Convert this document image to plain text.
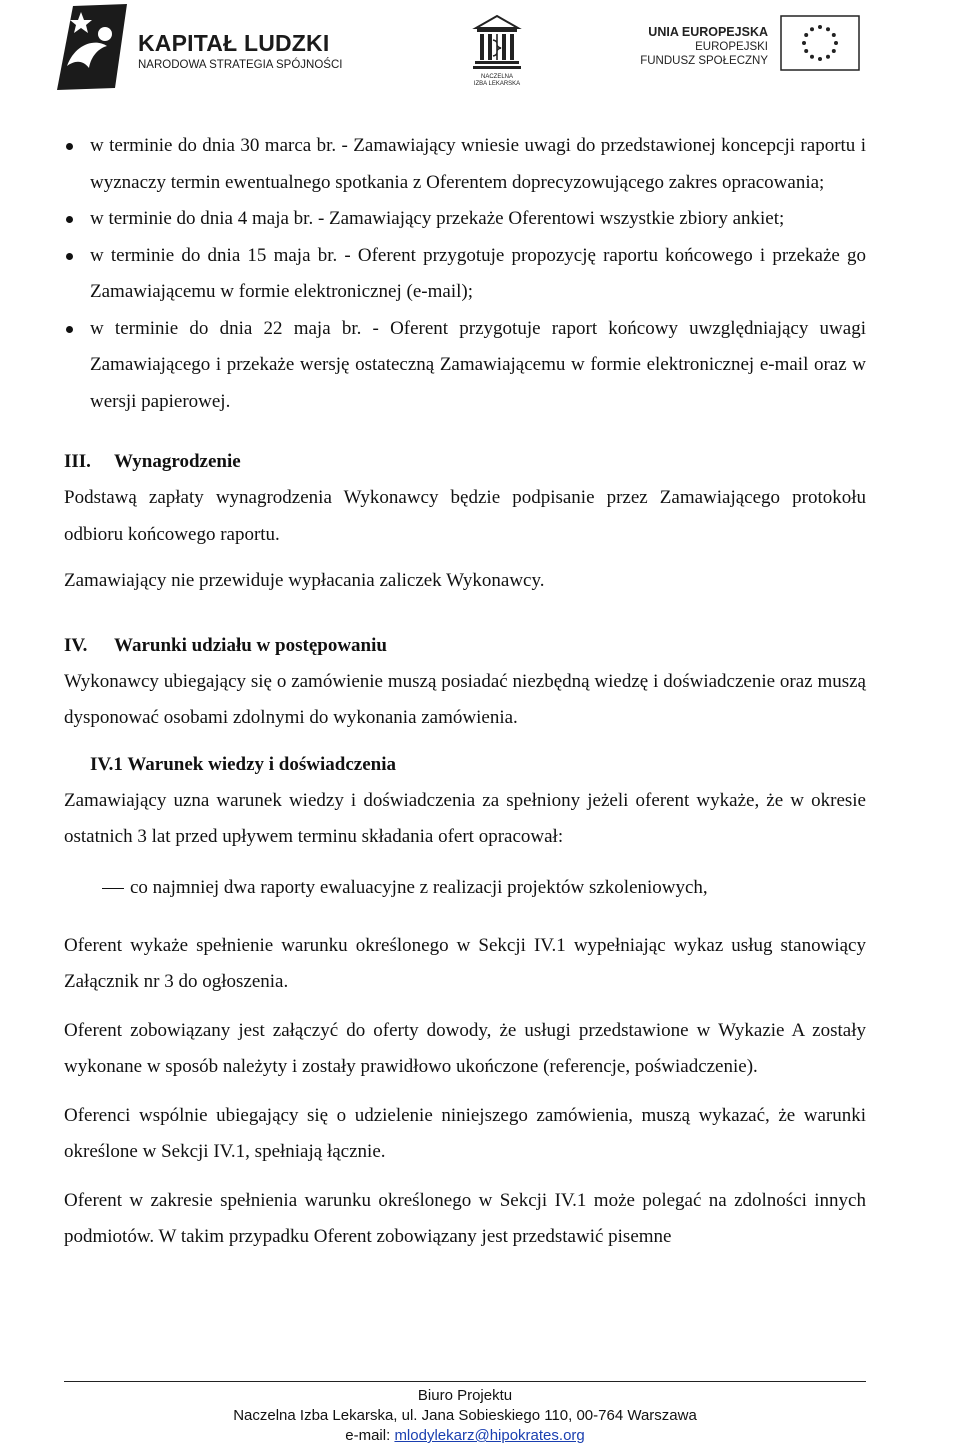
KAPITAŁ LUDZKI
NARODOWA STRATEGIA SPÓJNOŚCI
NACZELNA
IZBA LEKARSKA
UNIA EUROPEJSKA
EUROPEJSKI
FUNDUSZ SPOŁECZNY
w terminie do dnia 30 marca br. - Zamawiający wniesie uwagi do przedstawionej koncepcji raportu i wyznaczy termin ewentualnego spotkania z Oferentem doprecyzowującego zakres opracowania;
w terminie do dnia 4 maja br. - Zamawiający przekaże Oferentowi wszystkie zbiory ankiet;
w terminie do dnia 15 maja br. - Oferent przygotuje propozycję raportu końcowego i przekaże go Zamawiającemu w formie elektronicznej (e-mail);
w terminie do dnia 22 maja br. - Oferent przygotuje raport końcowy uwzględniający uwagi Zamawiającego i przekaże wersję ostateczną Zamawiającemu w formie elektronicznej e-mail oraz w wersji papierowej.
III. Wynagrodzenie

Podstawą zapłaty wynagrodzenia Wykonawcy będzie podpisanie przez Zamawiającego protokołu odbioru końcowego raportu.

Zamawiający nie przewiduje wypłacania zaliczek Wykonawcy.

IV. Warunki udziału w postępowaniu

Wykonawcy ubiegający się o zamówienie muszą posiadać niezbędną wiedzę i doświadczenie oraz muszą dysponować osobami zdolnymi do wykonania zamówienia.

IV.1 Warunek wiedzy i doświadczenia

Zamawiający uzna warunek wiedzy i doświadczenia za spełniony jeżeli oferent wykaże, że w okresie ostatnich 3 lat przed upływem terminu składania ofert opracował:

co najmniej dwa raporty ewaluacyjne z realizacji projektów szkoleniowych,

Oferent wykaże spełnienie warunku określonego w Sekcji IV.1 wypełniając wykaz usług stanowiący Załącznik nr 3 do ogłoszenia.

Oferent zobowiązany jest załączyć do oferty dowody, że usługi przedstawione w Wykazie A zostały wykonane w sposób należyty i zostały prawidłowo ukończone (referencje, poświadczenie).

Oferenci wspólnie ubiegający się o udzielenie niniejszego zamówienia, muszą wykazać, że warunki określone w Sekcji IV.1, spełniają łącznie.

Oferent w zakresie spełnienia warunku określonego w Sekcji IV.1 może polegać na zdolności innych podmiotów. W takim przypadku Oferent zobowiązany jest przedstawić pisemne

Biuro Projektu
Naczelna Izba Lekarska, ul. Jana Sobieskiego 110, 00-764 Warszawa
e-mail: mlodylekarz@hipokrates.org
